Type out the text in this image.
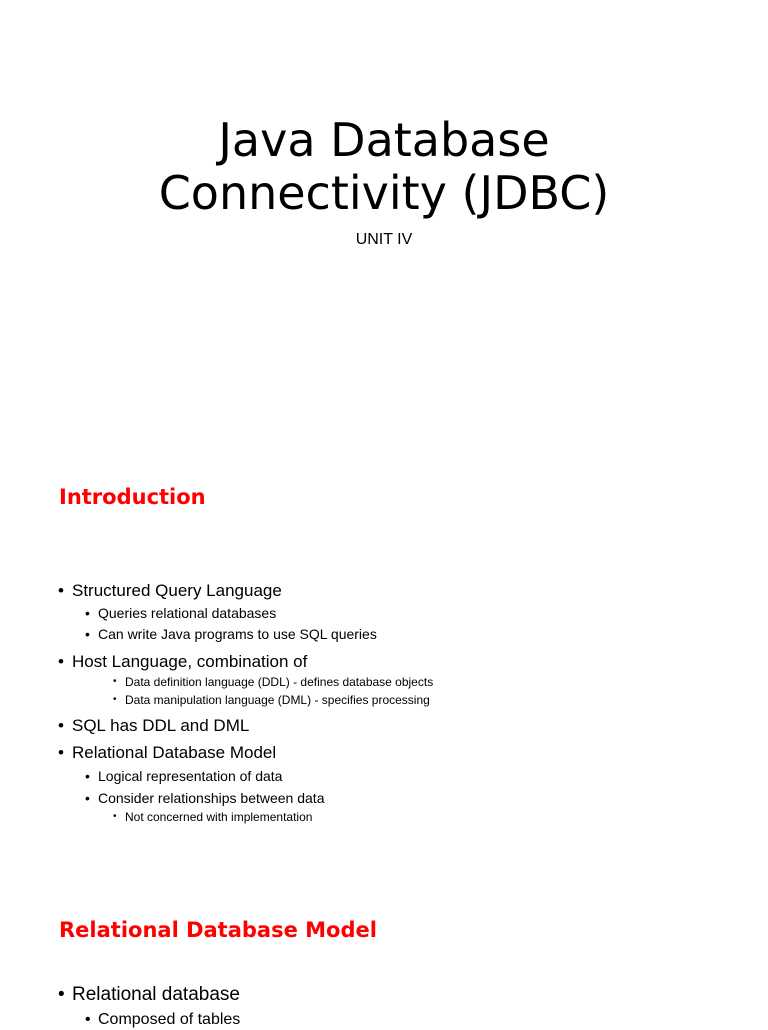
Java Database
Connectivity (JDBC)
UNIT IV
Introduction
• Structured Query Language
• Queries relational databases
• Can write Java programs to use SQL queries
• Host Language, combination of
• Data definition language (DDL) - defines database objects
• Data manipulation language (DML) - specifies processing
• SQL has DDL and DML
• Relational Database Model
• Logical representation of data
• Consider relationships between data
• Not concerned with implementation
Relational Database Model
• Relational database
• Composed of tables
